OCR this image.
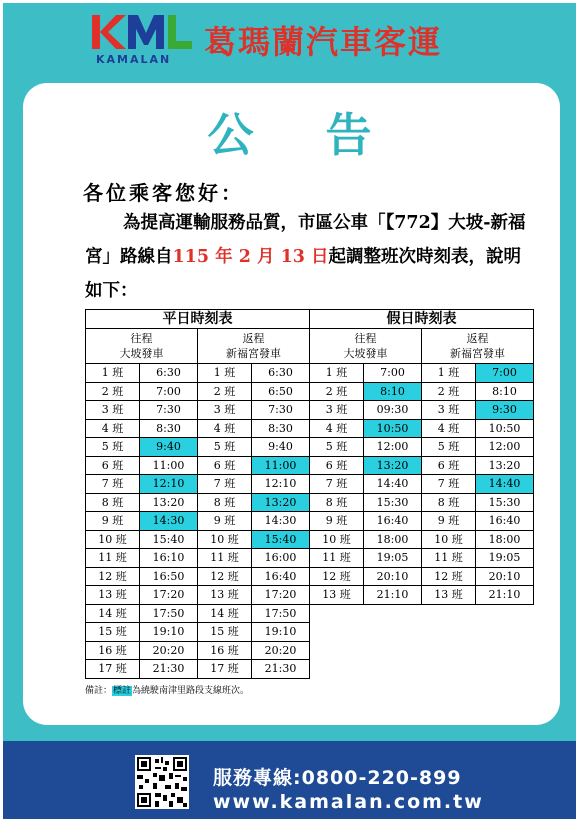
KAMALAN	葛瑪蘭汽車客運
公 告
各位乘客您好：
為提高運輸服務品質，市區公車「【772】大坡-新福宮」路線自115 年 2 月 13 日起調整班次時刻表，說明如下：
平日時刻表			
往程
大坡發車		返程
新福宮發車	
1 班	6:30	1 班	6:30
2 班	7:00	2 班	6:50
3 班	7:30	3 班	7:30
4 班	8:30	4 班	8:30
5 班	9:40	5 班	9:40
6 班	11:00	6 班	11:00
7 班	12:10	7 班	12:10
8 班	13:20	8 班	13:20
9 班	14:30	9 班	14:30
10 班	15:40	10 班	15:40
11 班	16:10	11 班	16:00
12 班	16:50	12 班	16:40
13 班	17:20	13 班	17:20
14 班	17:50	14 班	17:50
15 班	19:10	15 班	19:10
16 班	20:20	16 班	20:20
17 班	21:30	17 班	21:30
假日時刻表			
往程
大坡發車		返程
新福宮發車	
1 班	7:00	1 班	7:00
2 班	8:10	2 班	8:10
3 班	09:30	3 班	9:30
4 班	10:50	4 班	10:50
5 班	12:00	5 班	12:00
6 班	13:20	6 班	13:20
7 班	14:40	7 班	14:40
8 班	15:30	8 班	15:30
9 班	16:40	9 班	16:40
10 班	18:00	10 班	18:00
11 班	19:05	11 班	19:05
12 班	20:10	12 班	20:10
13 班	21:10	13 班	21:10
備註：標註為繞駛南津里路段支線班次。
服務專線:0800-220-899
www.kamalan.com.tw
